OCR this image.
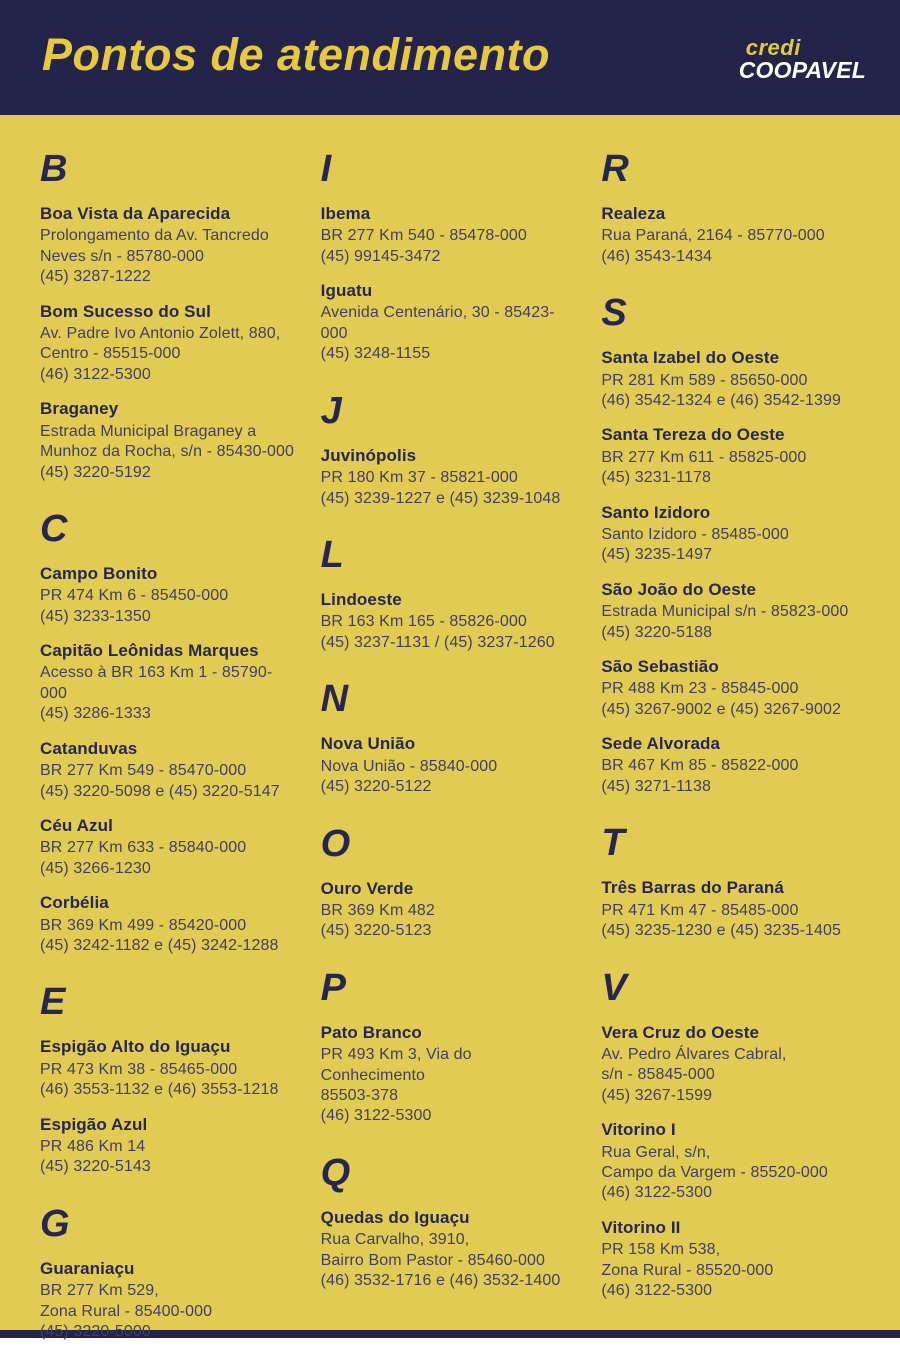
Pontos de atendimento	credi
COOPAVEL
B
Boa Vista da Aparecida
Prolongamento da Av. Tancredo
Neves s/n - 85780-000
(45) 3287-1222
Bom Sucesso do Sul
Av. Padre Ivo Antonio Zolett, 880,
Centro - 85515-000
(46) 3122-5300
Braganey
Estrada Municipal Braganey a
Munhoz da Rocha, s/n - 85430-000
(45) 3220-5192
C
Campo Bonito
PR 474 Km 6 - 85450-000
(45) 3233-1350
Capitão Leônidas Marques
Acesso à BR 163 Km 1 - 85790-000
(45) 3286-1333
Catanduvas
BR 277 Km 549 - 85470-000
(45) 3220-5098 e (45) 3220-5147
Céu Azul
BR 277 Km 633 - 85840-000
(45) 3266-1230
Corbélia
BR 369 Km 499 - 85420-000
(45) 3242-1182 e (45) 3242-1288
E
Espigão Alto do Iguaçu
PR 473 Km 38 - 85465-000
(46) 3553-1132 e (46) 3553-1218
Espigão Azul
PR 486 Km 14
(45) 3220-5143
G
Guaraniaçu
BR 277 Km 529,
Zona Rural - 85400-000
(45) 3220-5000
I
Ibema
BR 277 Km 540 - 85478-000
(45) 99145-3472
Iguatu
Avenida Centenário, 30 - 85423-000
(45) 3248-1155
J
Juvinópolis
PR 180 Km 37 - 85821-000
(45) 3239-1227 e (45) 3239-1048
L
Lindoeste
BR 163 Km 165 - 85826-000
(45) 3237-1131 / (45) 3237-1260
N
Nova União
Nova União - 85840-000
(45) 3220-5122
O
Ouro Verde
BR 369 Km 482
(45) 3220-5123
P
Pato Branco
PR 493 Km 3, Via do Conhecimento
85503-378
(46) 3122-5300
Q
Quedas do Iguaçu
Rua Carvalho, 3910,
Bairro Bom Pastor - 85460-000
(46) 3532-1716 e (46) 3532-1400
R
Realeza
Rua Paraná, 2164 - 85770-000
(46) 3543-1434
S
Santa Izabel do Oeste
PR 281 Km 589 - 85650-000
(46) 3542-1324 e (46) 3542-1399
Santa Tereza do Oeste
BR 277 Km 611 - 85825-000
(45) 3231-1178
Santo Izidoro
Santo Izidoro - 85485-000
(45) 3235-1497
São João do Oeste
Estrada Municipal s/n - 85823-000
(45) 3220-5188
São Sebastião
PR 488 Km 23 - 85845-000
(45) 3267-9002 e (45) 3267-9002
Sede Alvorada
BR 467 Km 85 - 85822-000
(45) 3271-1138
T
Três Barras do Paraná
PR 471 Km 47 - 85485-000
(45) 3235-1230 e (45) 3235-1405
V
Vera Cruz do Oeste
Av. Pedro Álvares Cabral,
s/n - 85845-000
(45) 3267-1599
Vitorino I
Rua Geral, s/n,
Campo da Vargem - 85520-000
(46) 3122-5300
Vitorino II
PR 158 Km 538,
Zona Rural - 85520-000
(46) 3122-5300
